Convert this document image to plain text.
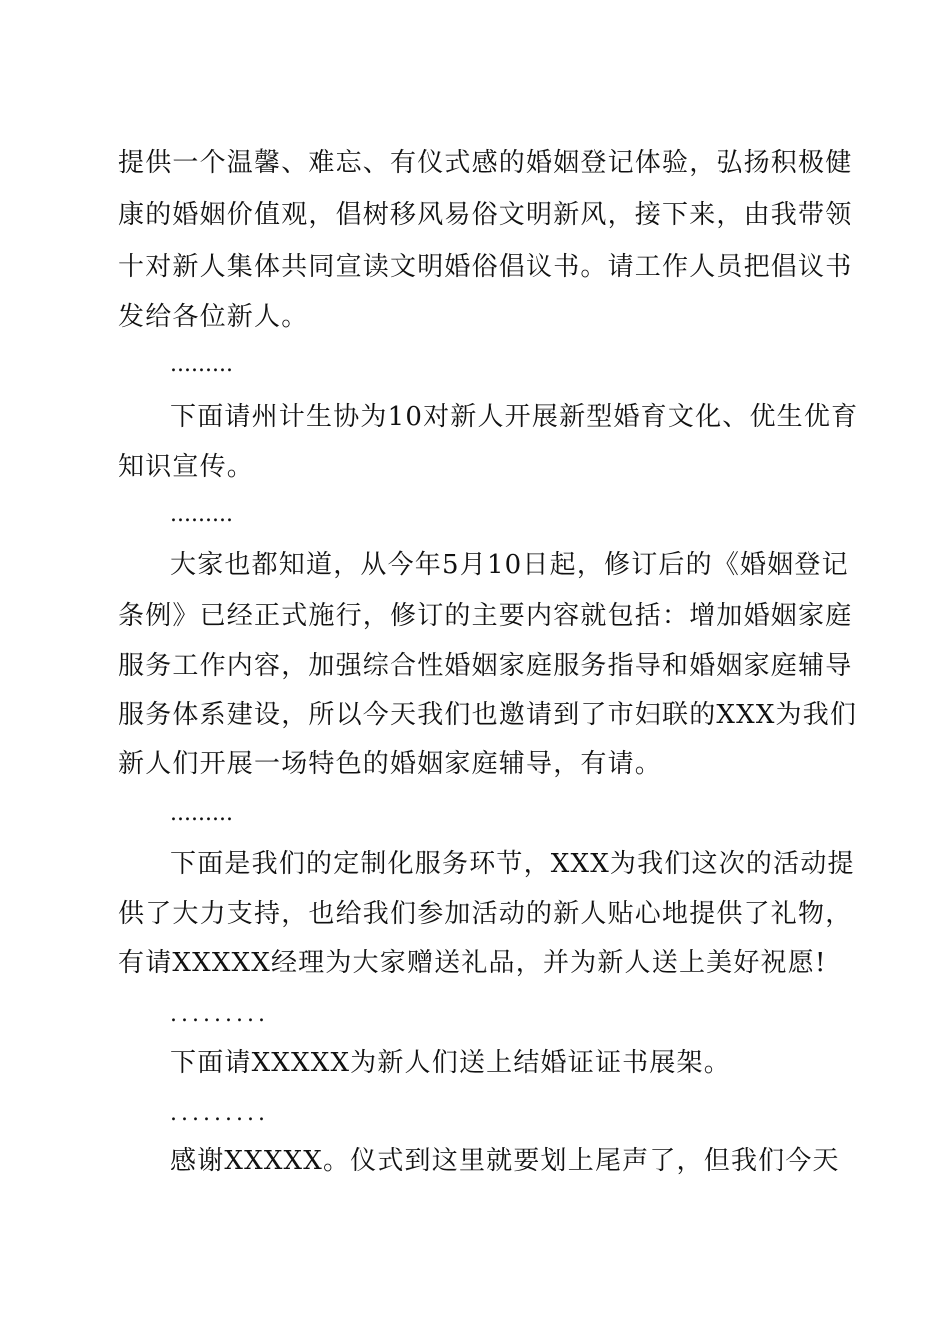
提供一个温馨、难忘、有仪式感的婚姻登记体验，弘扬积极健
康的婚姻价值观，倡树移风易俗文明新风，接下来，由我带领
十对新人集体共同宣读文明婚俗倡议书。请工作人员把倡议书
发给各位新人。
.........
下面请州计生协为10对新人开展新型婚育文化、优生优育
知识宣传。
.........
大家也都知道，从今年5月10日起，修订后的《婚姻登记
条例》已经正式施行，修订的主要内容就包括：增加婚姻家庭
服务工作内容，加强综合性婚姻家庭服务指导和婚姻家庭辅导
服务体系建设，所以今天我们也邀请到了市妇联的XXX为我们
新人们开展一场特色的婚姻家庭辅导，有请。
.........
下面是我们的定制化服务环节，XXX为我们这次的活动提
供了大力支持，也给我们参加活动的新人贴心地提供了礼物，
有请XXXXX经理为大家赠送礼品，并为新人送上美好祝愿!
.........
下面请XXXXX为新人们送上结婚证证书展架。
.........
感谢XXXXX。仪式到这里就要划上尾声了，但我们今天
